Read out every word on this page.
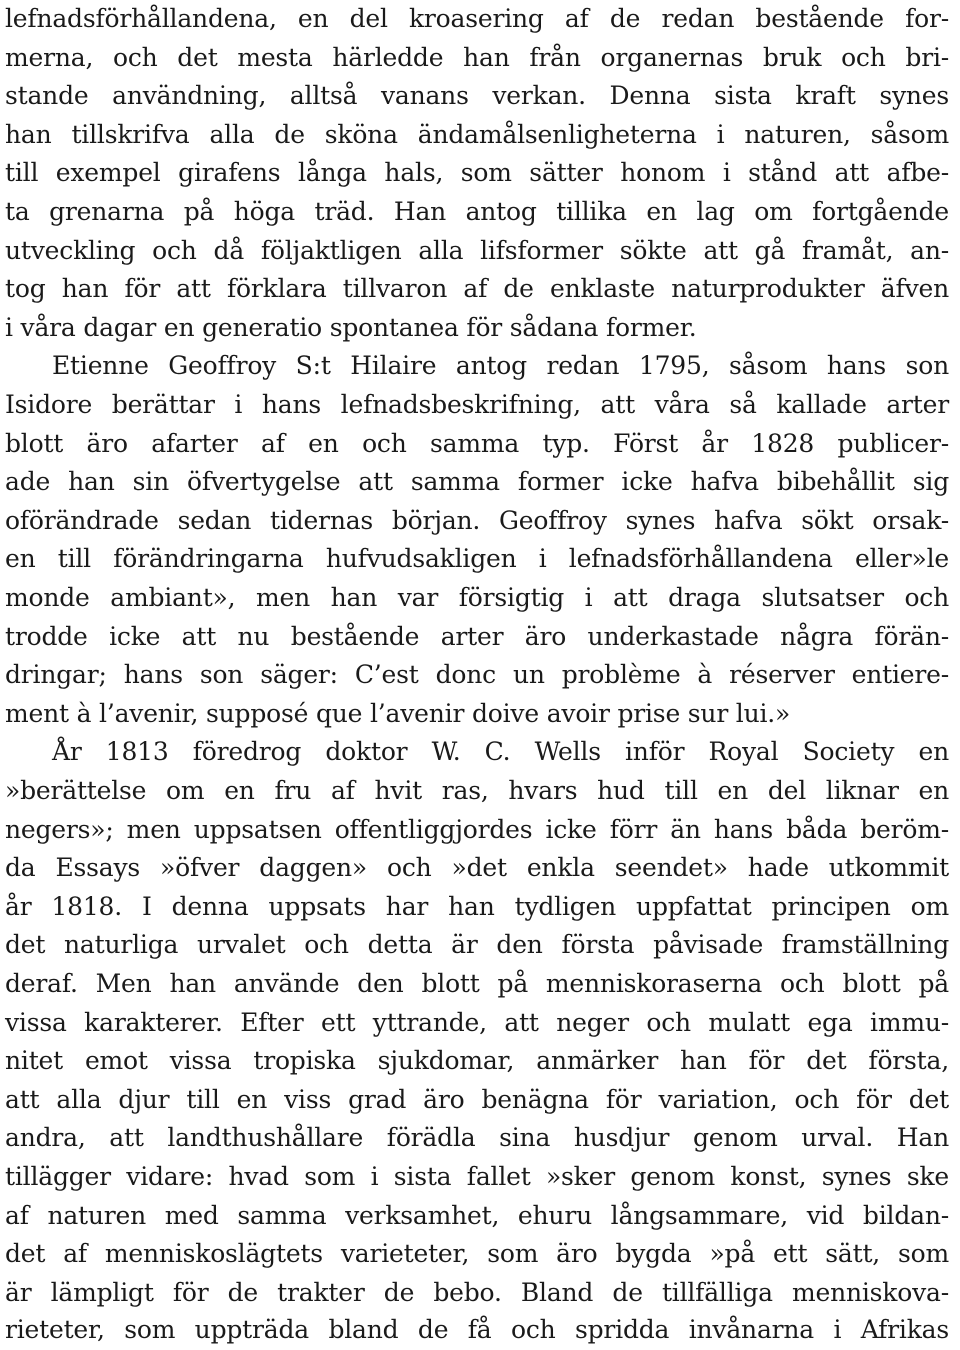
lefnadsförhållandena, en del kroasering af de redan bestående for-
merna, och det mesta härledde han från organernas bruk och bri-
stande användning, alltså vanans verkan. Denna sista kraft synes
han tillskrifva alla de sköna ändamålsenligheterna i naturen, såsom
till exempel girafens långa hals, som sätter honom i stånd att afbe-
ta grenarna på höga träd. Han antog tillika en lag om fortgående
utveckling och då följaktligen alla lifsformer sökte att gå framåt, an-
tog han för att förklara tillvaron af de enklaste naturprodukter äfven
i våra dagar en generatio spontanea för sådana former.
Etienne Geoffroy S:t Hilaire antog redan 1795, såsom hans son
Isidore berättar i hans lefnadsbeskrifning, att våra så kallade arter
blott äro afarter af en och samma typ. Först år 1828 publicer-
ade han sin öfvertygelse att samma former icke hafva bibehållit sig
oförändrade sedan tidernas början. Geoffroy synes hafva sökt orsak-
en till förändringarna hufvudsakligen i lefnadsförhållandena eller»le
monde ambiant», men han var försigtig i att draga slutsatser och
trodde icke att nu bestående arter äro underkastade några förän-
dringar; hans son säger: C’est donc un problème à réserver entiere-
ment à l’avenir, supposé que l’avenir doive avoir prise sur lui.»
År 1813 föredrog doktor W. C. Wells inför Royal Society en
»berättelse om en fru af hvit ras, hvars hud till en del liknar en
negers»; men uppsatsen offentliggjordes icke förr än hans båda beröm-
da Essays »öfver daggen» och »det enkla seendet» hade utkommit
år 1818. I denna uppsats har han tydligen uppfattat principen om
det naturliga urvalet och detta är den första påvisade framställning
deraf. Men han använde den blott på menniskoraserna och blott på
vissa karakterer. Efter ett yttrande, att neger och mulatt ega immu-
nitet emot vissa tropiska sjukdomar, anmärker han för det första,
att alla djur till en viss grad äro benägna för variation, och för det
andra, att landthushållare förädla sina husdjur genom urval. Han
tillägger vidare: hvad som i sista fallet »sker genom konst, synes ske
af naturen med samma verksamhet, ehuru långsammare, vid bildan-
det af menniskoslägtets varieteter, som äro bygda »på ett sätt, som
är lämpligt för de trakter de bebo. Bland de tillfälliga menniskova-
rieteter, som uppträda bland de få och spridda invånarna i Afrikas
